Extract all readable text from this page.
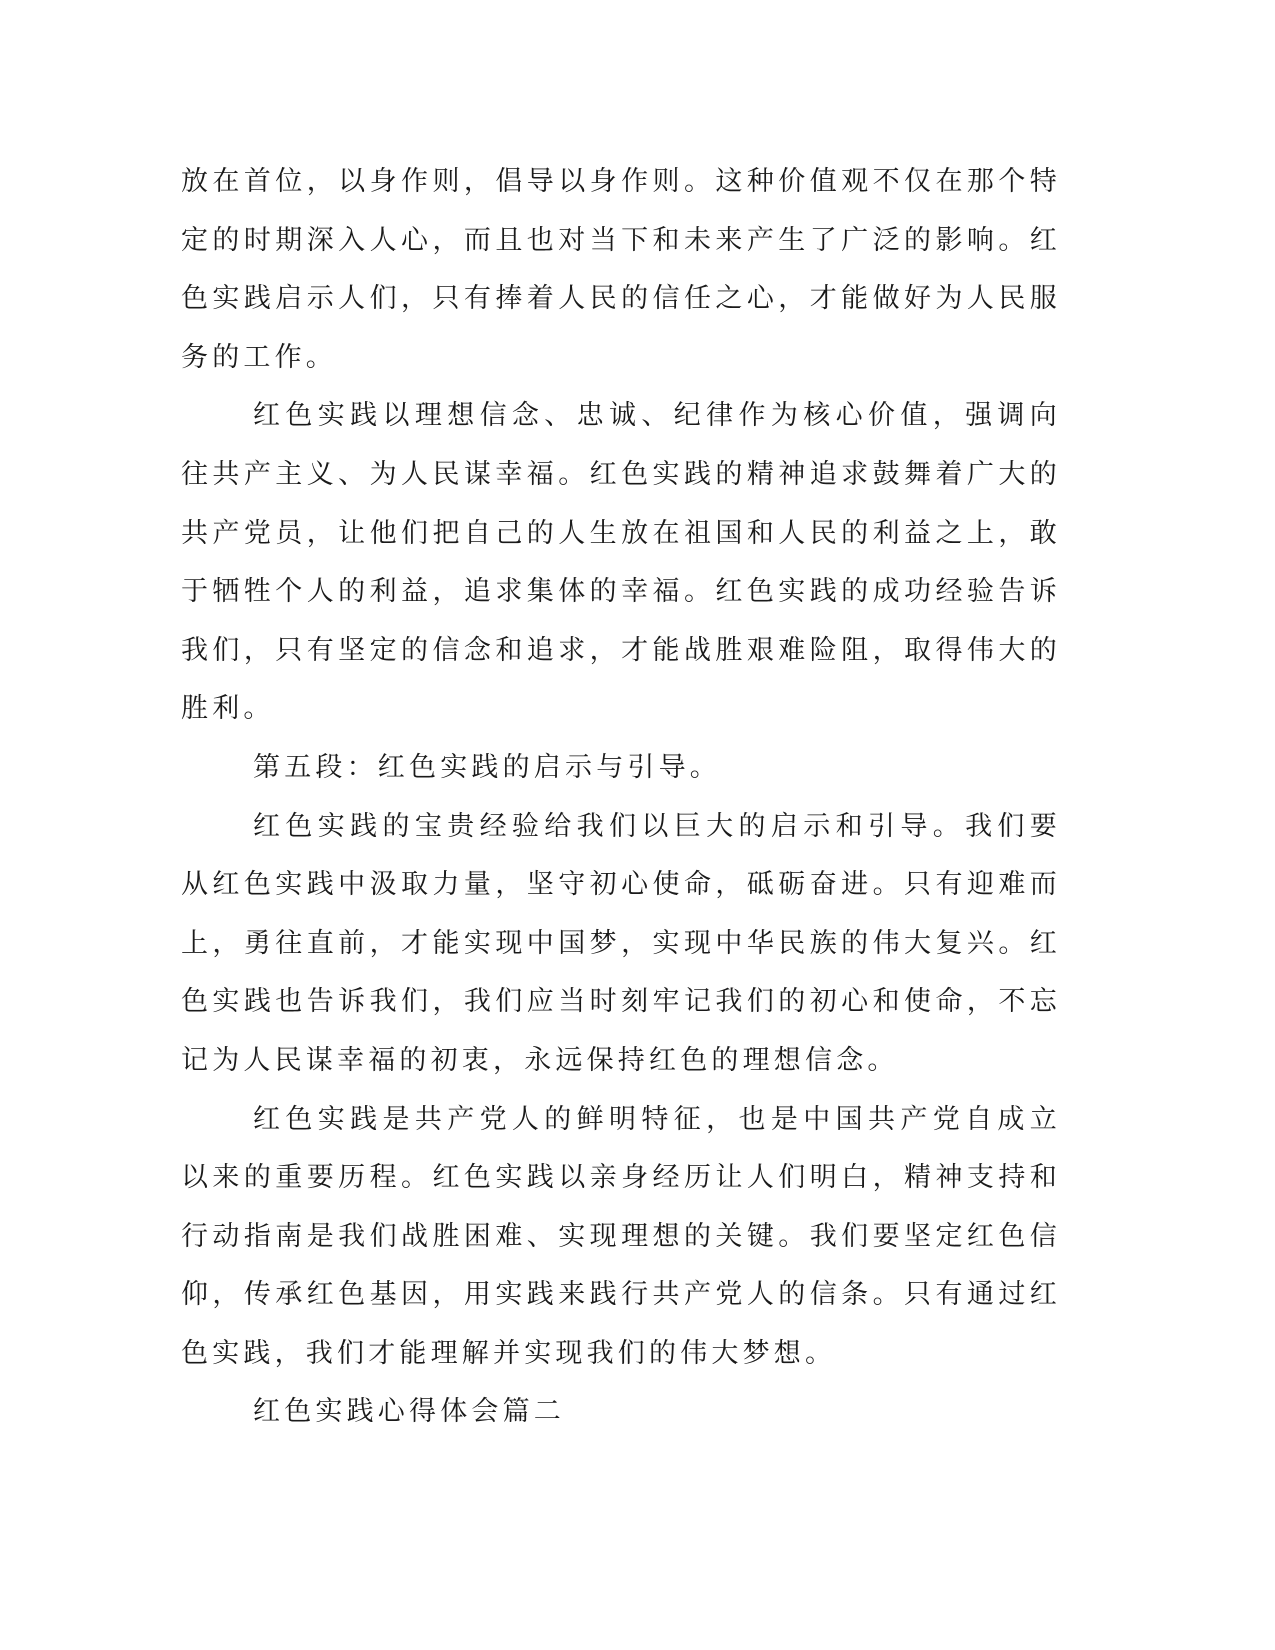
放在首位，以身作则，倡导以身作则。这种价值观不仅在那个特定的时期深入人心，而且也对当下和未来产生了广泛的影响。红色实践启示人们，只有捧着人民的信任之心，才能做好为人民服务的工作。

红色实践以理想信念、忠诚、纪律作为核心价值，强调向往共产主义、为人民谋幸福。红色实践的精神追求鼓舞着广大的共产党员，让他们把自己的人生放在祖国和人民的利益之上，敢于牺牲个人的利益，追求集体的幸福。红色实践的成功经验告诉我们，只有坚定的信念和追求，才能战胜艰难险阻，取得伟大的胜利。

第五段：红色实践的启示与引导。

红色实践的宝贵经验给我们以巨大的启示和引导。我们要从红色实践中汲取力量，坚守初心使命，砥砺奋进。只有迎难而上，勇往直前，才能实现中国梦，实现中华民族的伟大复兴。红色实践也告诉我们，我们应当时刻牢记我们的初心和使命，不忘记为人民谋幸福的初衷，永远保持红色的理想信念。

红色实践是共产党人的鲜明特征，也是中国共产党自成立以来的重要历程。红色实践以亲身经历让人们明白，精神支持和行动指南是我们战胜困难、实现理想的关键。我们要坚定红色信仰，传承红色基因，用实践来践行共产党人的信条。只有通过红色实践，我们才能理解并实现我们的伟大梦想。

红色实践心得体会篇二
